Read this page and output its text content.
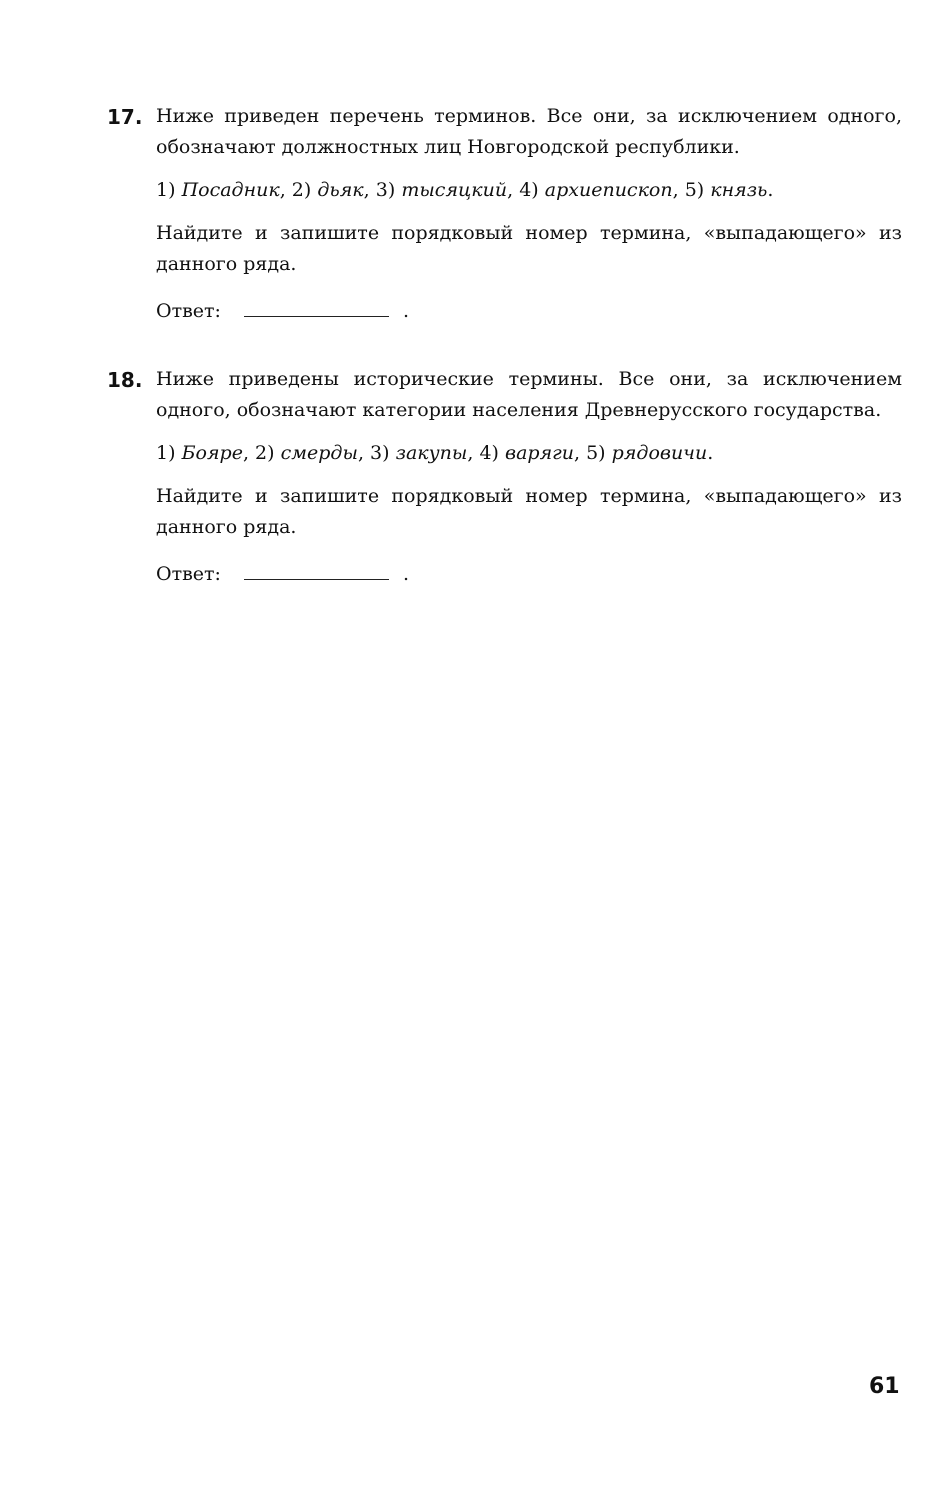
17. Ниже приведен перечень терминов. Все они, за исключением одного, обозначают должностных лиц Новгородской республики.

1) Посадник, 2) дьяк, 3) тысяцкий, 4) архиепископ, 5) князь.

Найдите и запишите порядковый номер термина, «выпадающего» из данного ряда.

Ответ:	.
18. Ниже приведены исторические термины. Все они, за исключением одного, обозначают категории населения Древнерусского государства.

1) Бояре, 2) смерды, 3) закупы, 4) варяги, 5) рядовичи.

Найдите и запишите порядковый номер термина, «выпадающего» из данного ряда.

Ответ:	.
61
